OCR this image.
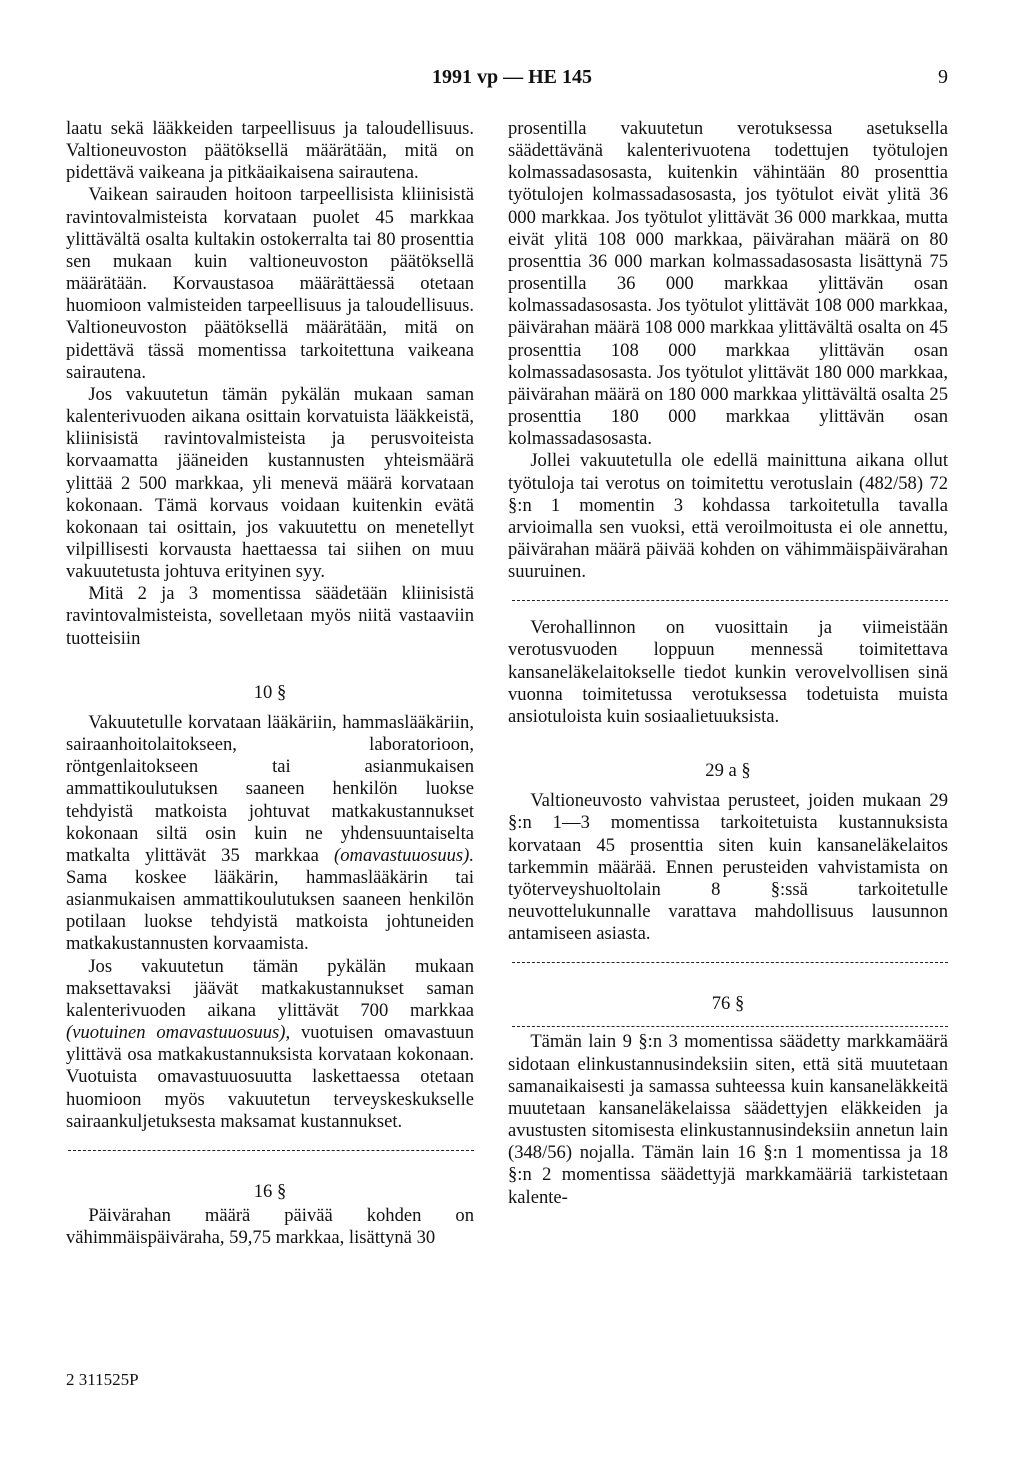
1991 vp — HE 145	9

laatu sekä lääkkeiden tarpeellisuus ja taloudellisuus. Valtioneuvoston päätöksellä määrätään, mitä on pidettävä vaikeana ja pitkäaikaisena sairautena.

Vaikean sairauden hoitoon tarpeellisista kliinisistä ravintovalmisteista korvataan puolet 45 markkaa ylittävältä osalta kultakin ostokerralta tai 80 prosenttia sen mukaan kuin valtioneuvoston päätöksellä määrätään. Korvaustasoa määrättäessä otetaan huomioon valmisteiden tarpeellisuus ja taloudellisuus. Valtioneuvoston päätöksellä määrätään, mitä on pidettävä tässä momentissa tarkoitettuna vaikeana sairautena.

Jos vakuutetun tämän pykälän mukaan saman kalenterivuoden aikana osittain korvatuista lääkkeistä, kliinisistä ravintovalmisteista ja perusvoiteista korvaamatta jääneiden kustannusten yhteismäärä ylittää 2 500 markkaa, yli menevä määrä korvataan kokonaan. Tämä korvaus voidaan kuitenkin evätä kokonaan tai osittain, jos vakuutettu on menetellyt vilpillisesti korvausta haettaessa tai siihen on muu vakuutetusta johtuva erityinen syy.

Mitä 2 ja 3 momentissa säädetään kliinisistä ravintovalmisteista, sovelletaan myös niitä vastaaviin tuotteisiin

10 §

Vakuutetulle korvataan lääkäriin, hammaslääkäriin, sairaanhoitolaitokseen, laboratorioon, röntgenlaitokseen tai asianmukaisen ammattikoulutuksen saaneen henkilön luokse tehdyistä matkoista johtuvat matkakustannukset kokonaan siltä osin kuin ne yhdensuuntaiselta matkalta ylittävät 35 markkaa (omavastuuosuus). Sama koskee lääkärin, hammaslääkärin tai asianmukaisen ammattikoulutuksen saaneen henkilön potilaan luokse tehdyistä matkoista johtuneiden matkakustannusten korvaamista.

Jos vakuutetun tämän pykälän mukaan maksettavaksi jäävät matkakustannukset saman kalenterivuoden aikana ylittävät 700 markkaa (vuotuinen omavastuuosuus), vuotuisen omavastuun ylittävä osa matkakustannuksista korvataan kokonaan. Vuotuista omavastuuosuutta laskettaessa otetaan huomioon myös vakuutetun terveyskeskukselle sairaankuljetuksesta maksamat kustannukset.

16 §

Päivärahan määrä päivää kohden on vähimmäispäiväraha, 59,75 markkaa, lisättynä 30

prosentilla vakuutetun verotuksessa asetuksella säädettävänä kalenterivuotena todettujen työtulojen kolmassadasosasta, kuitenkin vähintään 80 prosenttia työtulojen kolmassadasosasta, jos työtulot eivät ylitä 36 000 markkaa. Jos työtulot ylittävät 36 000 markkaa, mutta eivät ylitä 108 000 markkaa, päivärahan määrä on 80 prosenttia 36 000 markan kolmassadasosasta lisättynä 75 prosentilla 36 000 markkaa ylittävän osan kolmassadasosasta. Jos työtulot ylittävät 108 000 markkaa, päivärahan määrä 108 000 markkaa ylittävältä osalta on 45 prosenttia 108 000 markkaa ylittävän osan kolmassadasosasta. Jos työtulot ylittävät 180 000 markkaa, päivärahan määrä on 180 000 markkaa ylittävältä osalta 25 prosenttia 180 000 markkaa ylittävän osan kolmassadasosasta.

Jollei vakuutetulla ole edellä mainittuna aikana ollut työtuloja tai verotus on toimitettu verotuslain (482/58) 72 §:n 1 momentin 3 kohdassa tarkoitetulla tavalla arvioimalla sen vuoksi, että veroilmoitusta ei ole annettu, päivärahan määrä päivää kohden on vähimmäispäivärahan suuruinen.

Verohallinnon on vuosittain ja viimeistään verotusvuoden loppuun mennessä toimitettava kansaneläkelaitokselle tiedot kunkin verovelvollisen sinä vuonna toimitetussa verotuksessa todetuista muista ansiotuloista kuin sosiaalietuuksista.

29 a §

Valtioneuvosto vahvistaa perusteet, joiden mukaan 29 §:n 1—3 momentissa tarkoitetuista kustannuksista korvataan 45 prosenttia siten kuin kansaneläkelaitos tarkemmin määrää. Ennen perusteiden vahvistamista on työterveyshuoltolain 8 §:ssä tarkoitetulle neuvottelukunnalle varattava mahdollisuus lausunnon antamiseen asiasta.

76 §

Tämän lain 9 §:n 3 momentissa säädetty markkamäärä sidotaan elinkustannusindeksiin siten, että sitä muutetaan samanaikaisesti ja samassa suhteessa kuin kansaneläkkeitä muutetaan kansaneläkelaissa säädettyjen eläkkeiden ja avustusten sitomisesta elinkustannusindeksiin annetun lain (348/56) nojalla. Tämän lain 16 §:n 1 momentissa ja 18 §:n 2 momentissa säädettyjä markkamääriä tarkistetaan kalente-

2 311525P
